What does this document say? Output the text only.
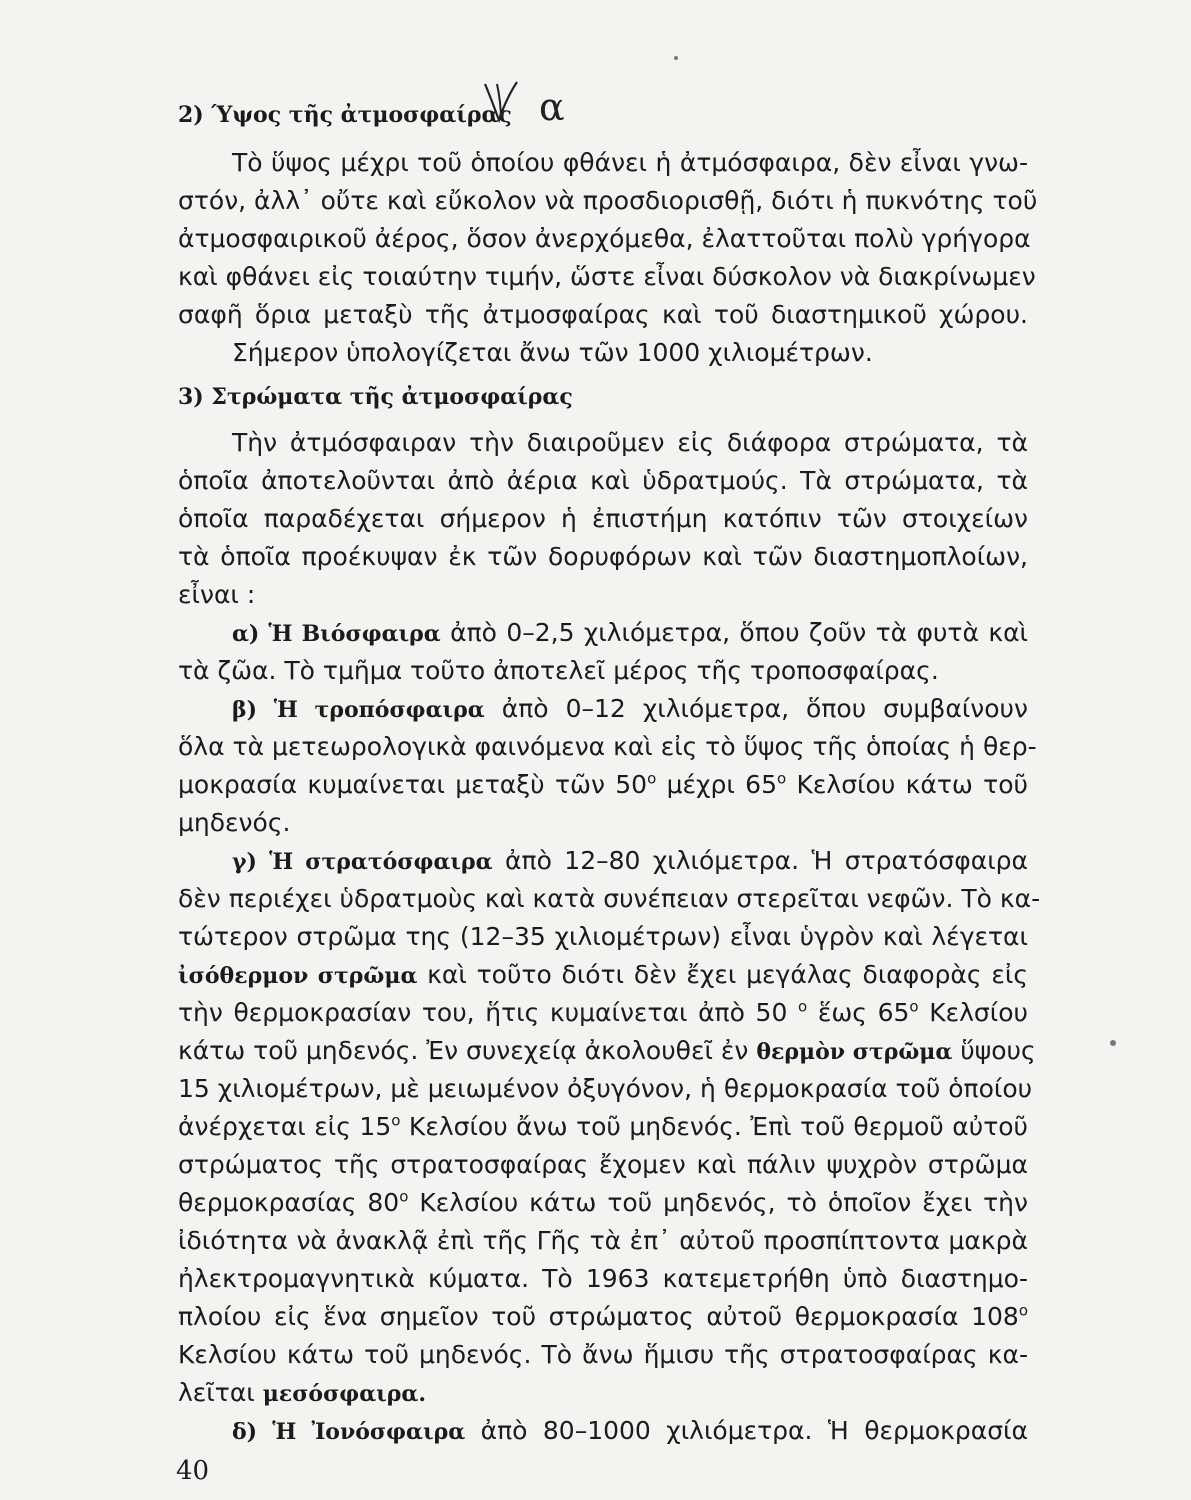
2) Ύψος τῆς ἀτμοσφαίρας α
Τὸ ὕψος μέχρι τοῦ ὁποίου φθάνει ἡ ἀτμόσφαιρα, δὲν εἶναι γνω-
στόν, ἀλλ᾽ οὔτε καὶ εὔκολον νὰ προσδιορισθῇ, διότι ἡ πυκνότης τοῦ
ἀτμοσφαιρικοῦ ἀέρος, ὅσον ἀνερχόμεθα, ἐλαττοῦται πολὺ γρήγορα
καὶ φθάνει εἰς τοιαύτην τιμήν, ὥστε εἶναι δύσκολον νὰ διακρίνωμεν
σαφῆ ὅρια μεταξὺ τῆς ἀτμοσφαίρας καὶ τοῦ διαστημικοῦ χώρου.
Σήμερον ὑπολογίζεται ἄνω τῶν 1000 χιλιομέτρων.
3) Στρώματα τῆς ἀτμοσφαίρας
Τὴν ἀτμόσφαιραν τὴν διαιροῦμεν εἰς διάφορα στρώματα, τὰ
ὁποῖα ἀποτελοῦνται ἀπὸ ἀέρια καὶ ὑδρατμούς. Τὰ στρώματα, τὰ
ὁποῖα παραδέχεται σήμερον ἡ ἐπιστήμη κατόπιν τῶν στοιχείων
τὰ ὁποῖα προέκυψαν ἐκ τῶν δορυφόρων καὶ τῶν διαστημοπλοίων,
εἶναι :
α) Ἡ Βιόσφαιρα ἀπὸ 0–2,5 χιλιόμετρα, ὅπου ζοῦν τὰ φυτὰ καὶ
τὰ ζῶα. Τὸ τμῆμα τοῦτο ἀποτελεῖ μέρος τῆς τροποσφαίρας.
β) Ἡ τροπόσφαιρα ἀπὸ 0–12 χιλιόμετρα, ὅπου συμβαίνουν
ὅλα τὰ μετεωρολογικὰ φαινόμενα καὶ εἰς τὸ ὕψος τῆς ὁποίας ἡ θερ-
μοκρασία κυμαίνεται μεταξὺ τῶν $50^o$ μέχρι $65^o$ Κελσίου κάτω τοῦ
μηδενός.
γ) Ἡ στρατόσφαιρα ἀπὸ 12–80 χιλιόμετρα. Ἡ στρατόσφαιρα
δὲν περιέχει ὑδρατμοὺς καὶ κατὰ συνέπειαν στερεῖται νεφῶν. Τὸ κα-
τώτερον στρῶμα της (12–35 χιλιομέτρων) εἶναι ὑγρὸν καὶ λέγεται
ἰσόθερμον στρῶμα καὶ τοῦτο διότι δὲν ἔχει μεγάλας διαφορὰς εἰς
τὴν θερμοκρασίαν του, ἥτις κυμαίνεται ἀπὸ 50 $^o$ ἕως $65^o$ Κελσίου
κάτω τοῦ μηδενός. Ἐν συνεχείᾳ ἀκολουθεῖ ἐν θερμὸν στρῶμα ὕψους
15 χιλιομέτρων, μὲ μειωμένον ὀξυγόνον, ἡ θερμοκρασία τοῦ ὁποίου
ἀνέρχεται εἰς $15^o$ Κελσίου ἄνω τοῦ μηδενός. Ἐπὶ τοῦ θερμοῦ αὐτοῦ
στρώματος τῆς στρατοσφαίρας ἔχομεν καὶ πάλιν ψυχρὸν στρῶμα
θερμοκρασίας $80^o$ Κελσίου κάτω τοῦ μηδενός, τὸ ὁποῖον ἔχει τὴν
ἰδιότητα νὰ ἀνακλᾷ ἐπὶ τῆς Γῆς τὰ ἐπ᾽ αὐτοῦ προσπίπτοντα μακρὰ
ἠλεκτρομαγνητικὰ κύματα. Τὸ 1963 κατεμετρήθη ὑπὸ διαστημο-
πλοίου εἰς ἕνα σημεῖον τοῦ στρώματος αὐτοῦ θερμοκρασία $108^o$
Κελσίου κάτω τοῦ μηδενός. Τὸ ἄνω ἥμισυ τῆς στρατοσφαίρας κα-
λεῖται μεσόσφαιρα.
δ) Ἡ Ἰονόσφαιρα ἀπὸ 80–1000 χιλιόμετρα. Ἡ θερμοκρασία
40
